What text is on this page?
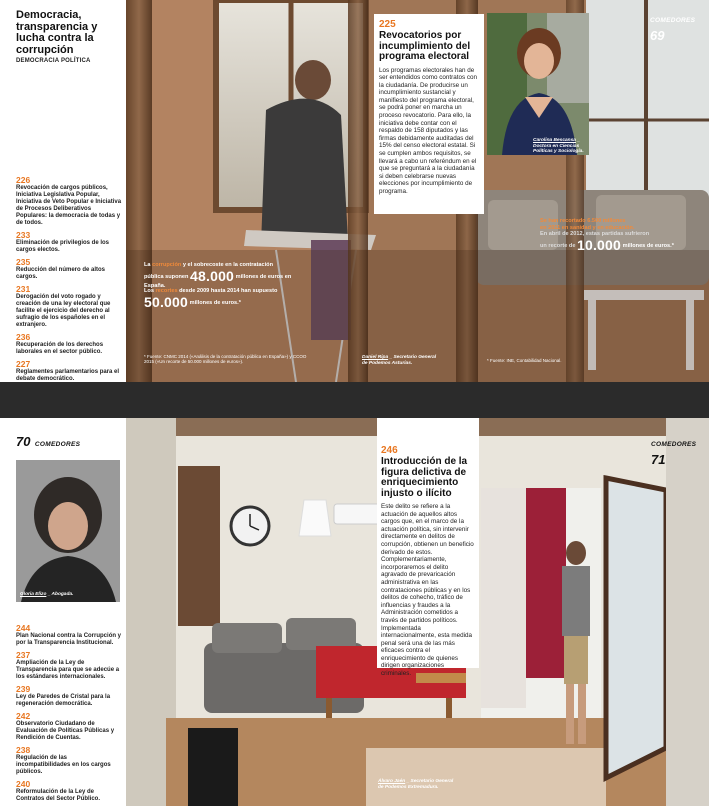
Democracia, transparencia y lucha contra la corrupción
DEMOCRACIA POLÍTICA
226
Revocación de cargos públicos, Iniciativa Legislativa Popular, Iniciativa de Veto Popular e Iniciativa de Procesos Deliberativos Populares: la democracia de todas y de todos.
233
Eliminación de privilegios de los cargos electos.
235
Reducción del número de altos cargos.
231
Derogación del voto rogado y creación de una ley electoral que facilite el ejercicio del derecho al sufragio de los españoles en el extranjero.
236
Recuperación de los derechos laborales en el sector público.
227
Reglamentes parlamentarios para el debate democrático.
La corrupción y el sobrecoste en la contratación pública suponen 48.000 millones de euros en España.
Los recortes desde 2009 hasta 2014 han supuesto 50.000 millones de euros.*
* Fuente: CNMC 2014 («Análisis de la contratación pública en España») y CCOO 2015 («Un recorte de 50.000 millones de euros»).
Daniel Ripa _ Secretario General de Podemos Asturias.
225
Revocatorios por incumplimiento del programa electoral
Los programas electorales han de ser entendidos como contratos con la ciudadanía. De producirse un incumplimiento sustancial y manifiesto del programa electoral, se podrá poner en marcha un proceso revocatorio. Para ello, la iniciativa debe contar con el respaldo de 158 diputados y las firmas debidamente auditadas del 15% del censo electoral estatal. Si se cumplen ambos requisitos, se llevará a cabo un referéndum en el que se preguntará a la ciudadanía si deben celebrarse nuevas elecciones por incumplimiento de programa.
Carolina Bescansa _ Doctora en Ciencias Políticas y Sociología.
COMEDORES 69
Se han recortado 6.500 millones
en 2011 en sanidad y en educación.
En abril de 2012, estas partidas sufrieron
un recorte de 10.000 millones de euros.*
* Fuente: INE, Contabilidad Nacional.
70 COMEDORES
Gloria Elizo _ Abogada.
244
Plan Nacional contra la Corrupción y por la Transparencia Institucional.
237
Ampliación de la Ley de Transparencia para que se adecúe a los estándares internacionales.
239
Ley de Paredes de Cristal para la regeneración democrática.
242
Observatorio Ciudadano de Evaluación de Políticas Públicas y Rendición de Cuentas.
238
Regulación de las incompatibilidades en los cargos públicos.
240
Reformulación de la Ley de Contratos del Sector Público.
246
Introducción de la figura delictiva de enriquecimiento injusto o ilícito
Este delito se refiere a la actuación de aquellos altos cargos que, en el marco de la actuación política, sin intervenir directamente en delitos de corrupción, obtienen un beneficio derivado de estos. Complementariamente, incorporaremos el delito agravado de prevaricación administrativa en las contrataciones públicas y en los delitos de cohecho, tráfico de influencias y fraudes a la Administración cometidos a través de partidos políticos. Implementada internacionalmente, esta medida penal será una de las más eficaces contra el enriquecimiento de quienes dirigen organizaciones criminales.
COMEDORES 71
Álvaro Jaén _ Secretario General de Podemos Extremadura.
